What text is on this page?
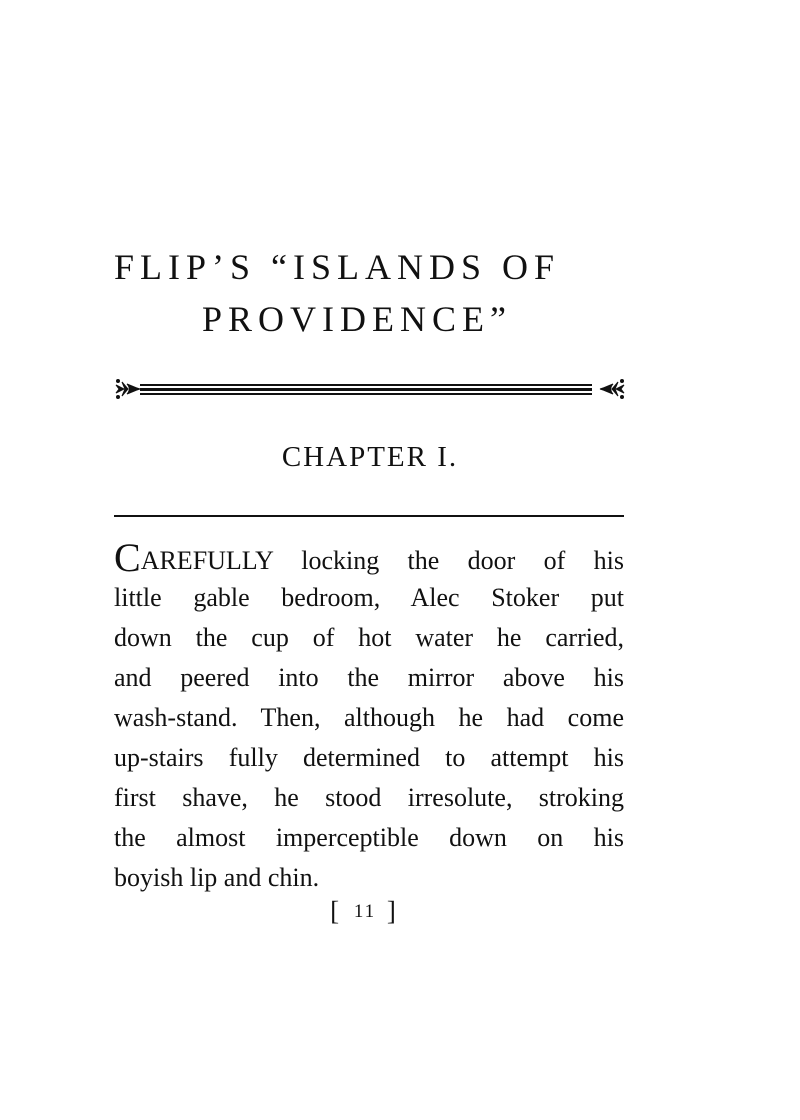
FLIP’S “ISLANDS OF
PROVIDENCE”
CHAPTER I.
CAREFULLY locking the door of his
little gable bedroom, Alec Stoker put
down the cup of hot water he carried,
and peered into the mirror above his
wash-stand. Then, although he had come
up-stairs fully determined to attempt his
first shave, he stood irresolute, stroking
the almost imperceptible down on his
boyish lip and chin.
[ 11 ]
